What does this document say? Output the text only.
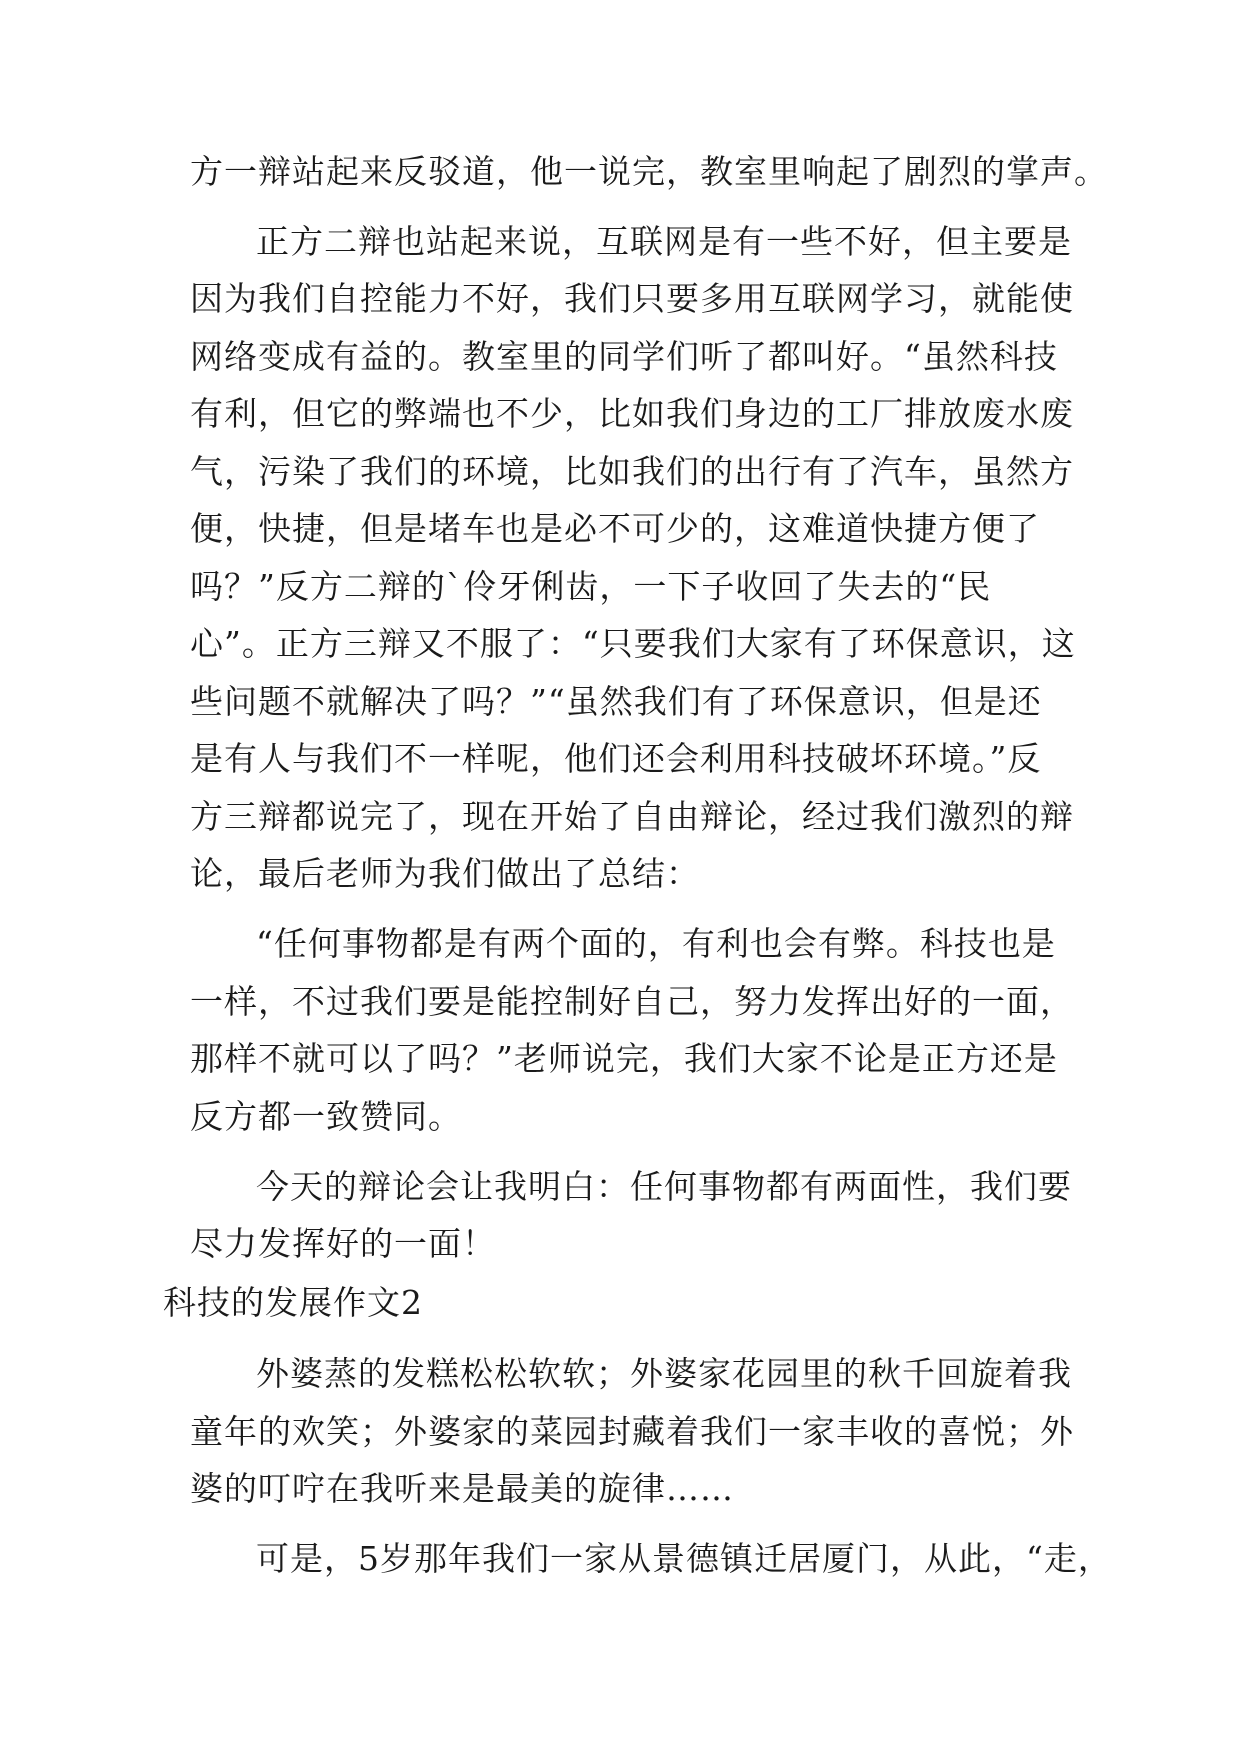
方一辩站起来反驳道，他一说完，教室里响起了剧烈的掌声。
正方二辩也站起来说，互联网是有一些不好，但主要是
因为我们自控能力不好，我们只要多用互联网学习，就能使
网络变成有益的。教室里的同学们听了都叫好。“虽然科技
有利，但它的弊端也不少，比如我们身边的工厂排放废水废
气，污染了我们的环境，比如我们的出行有了汽车，虽然方
便，快捷，但是堵车也是必不可少的，这难道快捷方便了
吗？”反方二辩的`伶牙俐齿，一下子收回了失去的“民
心”。正方三辩又不服了：“只要我们大家有了环保意识，这
些问题不就解决了吗？”“虽然我们有了环保意识，但是还
是有人与我们不一样呢，他们还会利用科技破坏环境。”反
方三辩都说完了，现在开始了自由辩论，经过我们激烈的辩
论，最后老师为我们做出了总结：
“任何事物都是有两个面的，有利也会有弊。科技也是
一样，不过我们要是能控制好自己，努力发挥出好的一面，
那样不就可以了吗？”老师说完，我们大家不论是正方还是
反方都一致赞同。
今天的辩论会让我明白：任何事物都有两面性，我们要
尽力发挥好的一面！
科技的发展作文2
外婆蒸的发糕松松软软；外婆家花园里的秋千回旋着我
童年的欢笑；外婆家的菜园封藏着我们一家丰收的喜悦；外
婆的叮咛在我听来是最美的旋律……
可是，5岁那年我们一家从景德镇迁居厦门，从此，“走，
